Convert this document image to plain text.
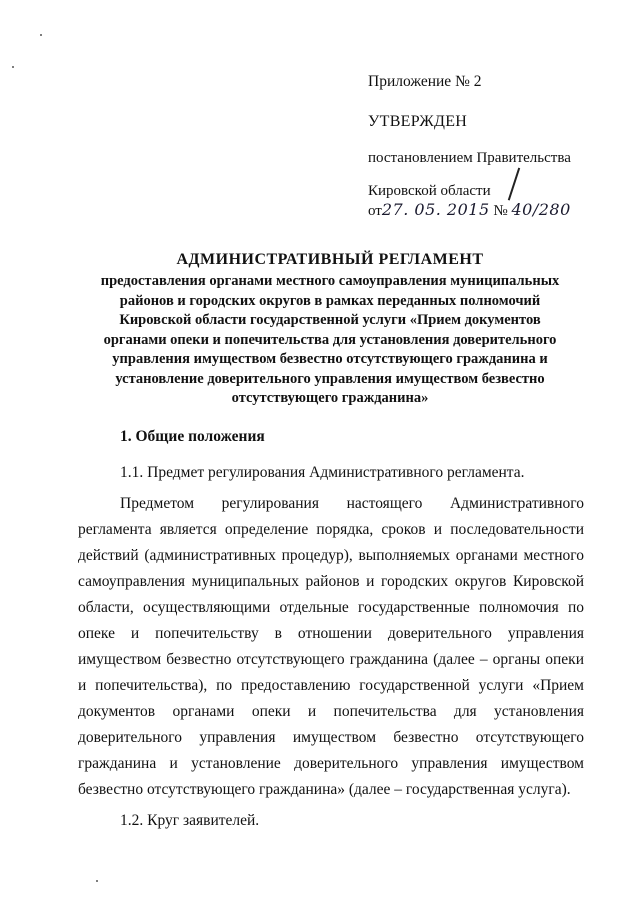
Приложение № 2
УТВЕРЖДЕН
постановлением Правительства
Кировской области
от27. 05. 2015 № 40/280
АДМИНИСТРАТИВНЫЙ РЕГЛАМЕНТ
предоставления органами местного самоуправления муниципальных
районов и городских округов в рамках переданных полномочий
Кировской области государственной услуги «Прием документов
органами опеки и попечительства для установления доверительного
управления имуществом безвестно отсутствующего гражданина и
установление доверительного управления имуществом безвестно
отсутствующего гражданина»
1. Общие положения

1.1. Предмет регулирования Административного регламента.

Предметом регулирования настоящего Административного регламента является определение порядка, сроков и последовательности действий (административных процедур), выполняемых органами местного самоуправления муниципальных районов и городских округов Кировской области, осуществляющими отдельные государственные полномочия по опеке и попечительству в отношении доверительного управления имуществом безвестно отсутствующего гражданина (далее – органы опеки и попечительства), по предоставлению государственной услуги «Прием документов органами опеки и попечительства для установления доверительного управления имуществом безвестно отсутствующего гражданина и установление доверительного управления имуществом безвестно отсутствующего гражданина» (далее – государственная услуга).

1.2. Круг заявителей.
